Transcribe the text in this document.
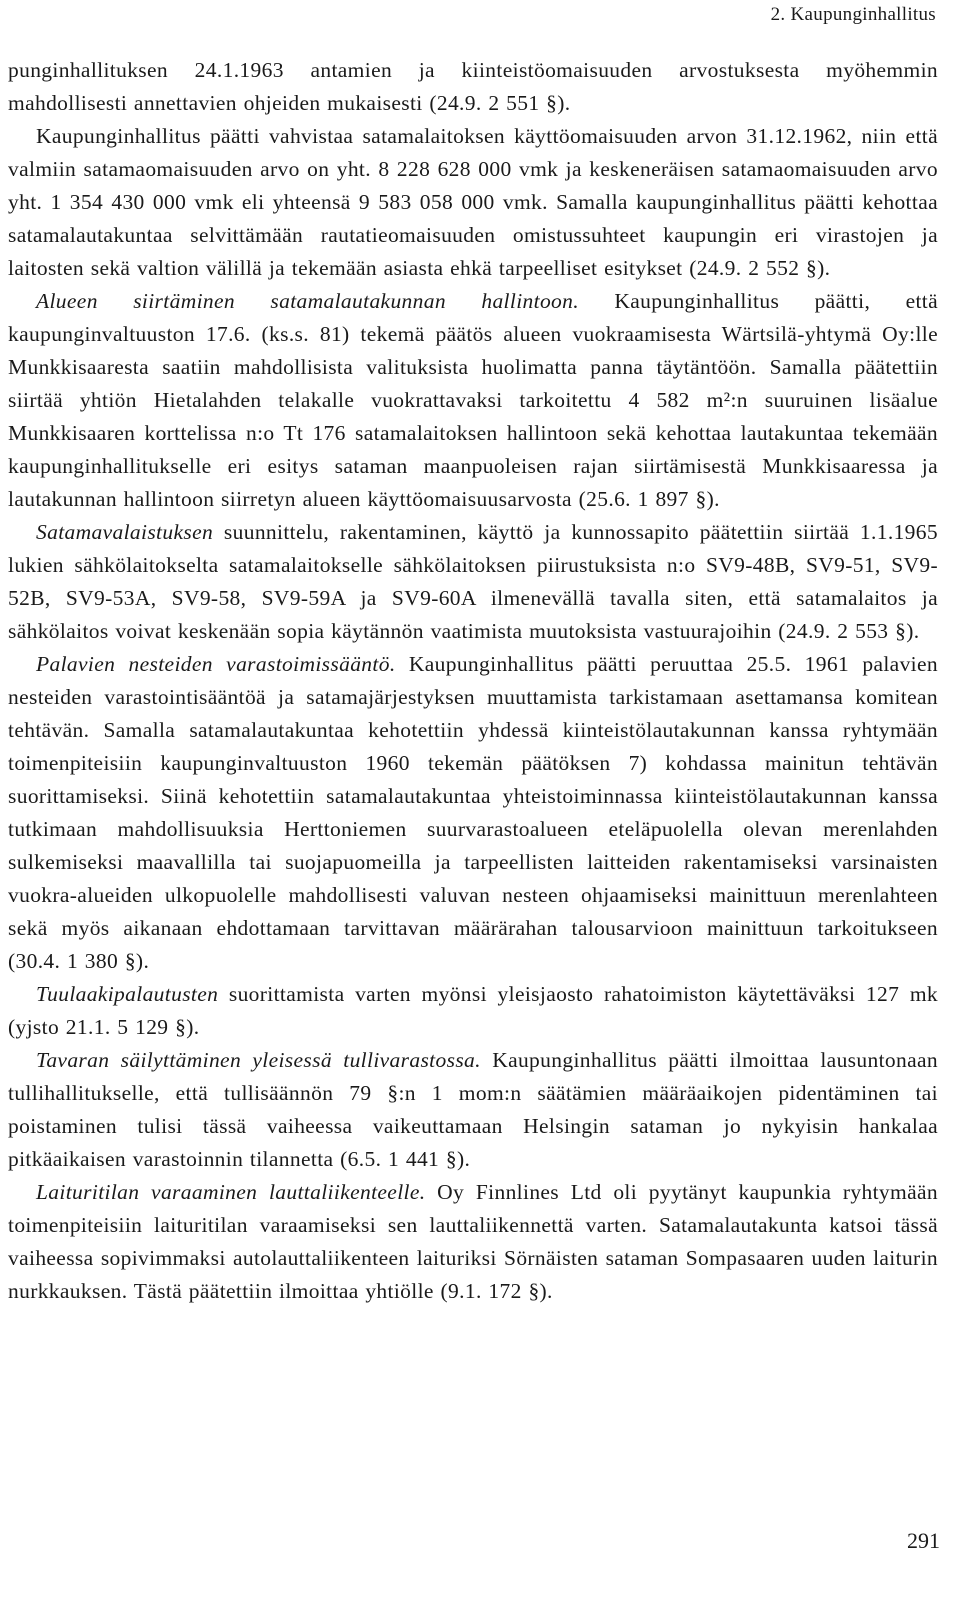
2. Kaupunginhallitus

punginhallituksen 24.1.1963 antamien ja kiinteistöomaisuuden arvostuksesta myöhemmin mahdollisesti annettavien ohjeiden mukaisesti (24.9. 2 551 §).

Kaupunginhallitus päätti vahvistaa satamalaitoksen käyttöomaisuuden arvon 31.12.1962, niin että valmiin satamaomaisuuden arvo on yht. 8 228 628 000 vmk ja keskeneräisen satamaomaisuuden arvo yht. 1 354 430 000 vmk eli yhteensä 9 583 058 000 vmk. Samalla kaupunginhallitus päätti kehottaa satamalautakuntaa selvittämään rautatieomaisuuden omistussuhteet kaupungin eri virastojen ja laitosten sekä valtion välillä ja tekemään asiasta ehkä tarpeelliset esitykset (24.9. 2 552 §).

Alueen siirtäminen satamalautakunnan hallintoon. Kaupunginhallitus päätti, että kaupunginvaltuuston 17.6. (ks.s. 81) tekemä päätös alueen vuokraamisesta Wärtsilä-yhtymä Oy:lle Munkkisaaresta saatiin mahdollisista valituksista huolimatta panna täytäntöön. Samalla päätettiin siirtää yhtiön Hietalahden telakalle vuokrattavaksi tarkoitettu 4 582 m²:n suuruinen lisäalue Munkkisaaren korttelissa n:o Tt 176 satamalaitoksen hallintoon sekä kehottaa lautakuntaa tekemään kaupunginhallitukselle eri esitys sataman maanpuoleisen rajan siirtämisestä Munkkisaaressa ja lautakunnan hallintoon siirretyn alueen käyttöomaisuusarvosta (25.6. 1 897 §).

Satamavalaistuksen suunnittelu, rakentaminen, käyttö ja kunnossapito päätettiin siirtää 1.1.1965 lukien sähkölaitokselta satamalaitokselle sähkölaitoksen piirustuksista n:o SV9-48B, SV9-51, SV9-52B, SV9-53A, SV9-58, SV9-59A ja SV9-60A ilmenevällä tavalla siten, että satamalaitos ja sähkölaitos voivat keskenään sopia käytännön vaatimista muutoksista vastuurajoihin (24.9. 2 553 §).

Palavien nesteiden varastoimissääntö. Kaupunginhallitus päätti peruuttaa 25.5. 1961 palavien nesteiden varastointisääntöä ja satamajärjestyksen muuttamista tarkistamaan asettamansa komitean tehtävän. Samalla satamalautakuntaa kehotettiin yhdessä kiinteistölautakunnan kanssa ryhtymään toimenpiteisiin kaupunginvaltuuston 1960 tekemän päätöksen 7) kohdassa mainitun tehtävän suorittamiseksi. Siinä kehotettiin satamalautakuntaa yhteistoiminnassa kiinteistölautakunnan kanssa tutkimaan mahdollisuuksia Herttoniemen suurvarastoalueen eteläpuolella olevan merenlahden sulkemiseksi maavallilla tai suojapuomeilla ja tarpeellisten laitteiden rakentamiseksi varsinaisten vuokra-alueiden ulkopuolelle mahdollisesti valuvan nesteen ohjaamiseksi mainittuun merenlahteen sekä myös aikanaan ehdottamaan tarvittavan määrärahan talousarvioon mainittuun tarkoitukseen (30.4. 1 380 §).

Tuulaakipalautusten suorittamista varten myönsi yleisjaosto rahatoimiston käytettäväksi 127 mk (yjsto 21.1. 5 129 §).

Tavaran säilyttäminen yleisessä tullivarastossa. Kaupunginhallitus päätti ilmoittaa lausuntonaan tullihallitukselle, että tullisäännön 79 §:n 1 mom:n säätämien määräaikojen pidentäminen tai poistaminen tulisi tässä vaiheessa vaikeuttamaan Helsingin sataman jo nykyisin hankalaa pitkäaikaisen varastoinnin tilannetta (6.5. 1 441 §).

Laituritilan varaaminen lauttaliikenteelle. Oy Finnlines Ltd oli pyytänyt kaupunkia ryhtymään toimenpiteisiin laituritilan varaamiseksi sen lauttaliikennettä varten. Satamalautakunta katsoi tässä vaiheessa sopivimmaksi autolauttaliikenteen laituriksi Sörnäisten sataman Sompasaaren uuden laiturin nurkkauksen. Tästä päätettiin ilmoittaa yhtiölle (9.1. 172 §).

291
